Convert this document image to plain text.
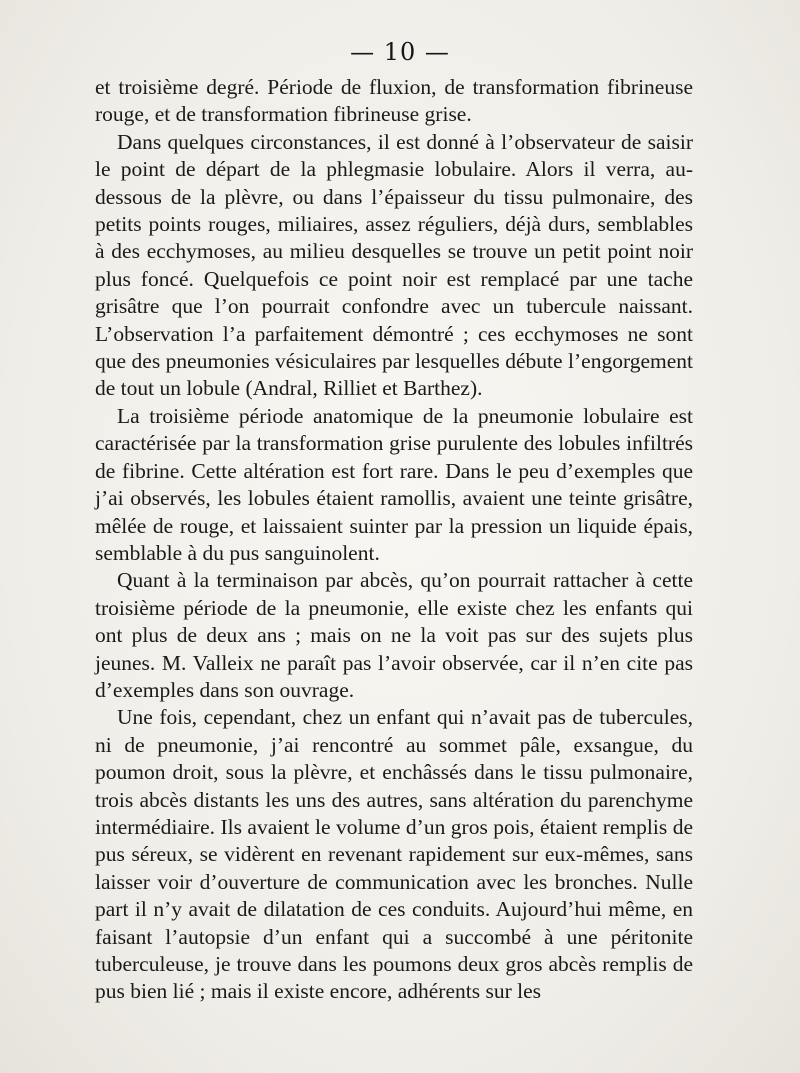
— 10 —

et troisième degré. Période de fluxion, de transformation fibrineuse rouge, et de transformation fibrineuse grise.

Dans quelques circonstances, il est donné à l’observateur de saisir le point de départ de la phlegmasie lobulaire. Alors il verra, au-dessous de la plèvre, ou dans l’épaisseur du tissu pulmonaire, des petits points rouges, miliaires, assez réguliers, déjà durs, semblables à des ecchymoses, au milieu desquelles se trouve un petit point noir plus foncé. Quelquefois ce point noir est remplacé par une tache grisâtre que l’on pourrait confondre avec un tubercule naissant. L’observation l’a parfaitement démontré ; ces ecchymoses ne sont que des pneumonies vésiculaires par lesquelles débute l’engorgement de tout un lobule (Andral, Rilliet et Barthez).

La troisième période anatomique de la pneumonie lobulaire est caractérisée par la transformation grise purulente des lobules infiltrés de fibrine. Cette altération est fort rare. Dans le peu d’exemples que j’ai observés, les lobules étaient ramollis, avaient une teinte grisâtre, mêlée de rouge, et laissaient suinter par la pression un liquide épais, semblable à du pus sanguinolent.

Quant à la terminaison par abcès, qu’on pourrait rattacher à cette troisième période de la pneumonie, elle existe chez les enfants qui ont plus de deux ans ; mais on ne la voit pas sur des sujets plus jeunes. M. Valleix ne paraît pas l’avoir observée, car il n’en cite pas d’exemples dans son ouvrage.

Une fois, cependant, chez un enfant qui n’avait pas de tubercules, ni de pneumonie, j’ai rencontré au sommet pâle, exsangue, du poumon droit, sous la plèvre, et enchâssés dans le tissu pulmonaire, trois abcès distants les uns des autres, sans altération du parenchyme intermédiaire. Ils avaient le volume d’un gros pois, étaient remplis de pus séreux, se vidèrent en revenant rapidement sur eux-mêmes, sans laisser voir d’ouverture de communication avec les bronches. Nulle part il n’y avait de dilatation de ces conduits. Aujourd’hui même, en faisant l’autopsie d’un enfant qui a succombé à une péritonite tuberculeuse, je trouve dans les poumons deux gros abcès remplis de pus bien lié ; mais il existe encore, adhérents sur les
